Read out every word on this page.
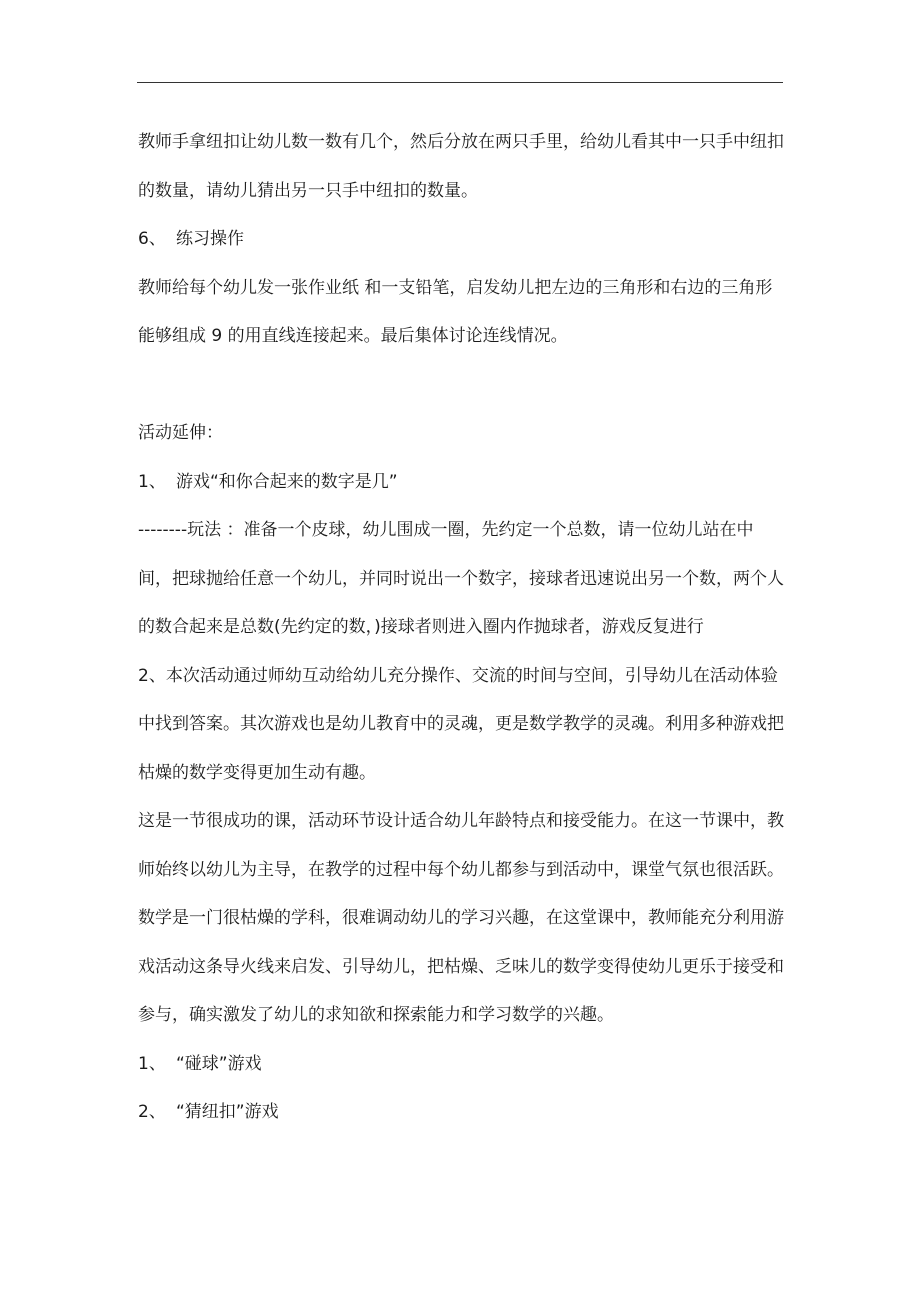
教师手拿纽扣让幼儿数一数有几个，然后分放在两只手里，给幼儿看其中一只手中纽扣的数量，请幼儿猜出另一只手中纽扣的数量。

6、 练习操作

教师给每个幼儿发一张作业纸 和一支铅笔，启发幼儿把左边的三角形和右边的三角形能够组成 9 的用直线连接起来。最后集体讨论连线情况。

活动延伸：

1、 游戏“和你合起来的数字是几”

--------玩法 ：准备一个皮球，幼儿围成一圈，先约定一个总数，请一位幼儿站在中间，把球抛给任意一个幼儿，并同时说出一个数字，接球者迅速说出另一个数，两个人的数合起来是总数(先约定的数，)接球者则进入圈内作抛球者，游戏反复进行

2、本次活动通过师幼互动给幼儿充分操作、交流的时间与空间，引导幼儿在活动体验中找到答案。其次游戏也是幼儿教育中的灵魂，更是数学教学的灵魂。利用多种游戏把枯燥的数学变得更加生动有趣。

这是一节很成功的课，活动环节设计适合幼儿年龄特点和接受能力。在这一节课中，教师始终以幼儿为主导，在教学的过程中每个幼儿都参与到活动中，课堂气氛也很活跃。数学是一门很枯燥的学科，很难调动幼儿的学习兴趣，在这堂课中，教师能充分利用游戏活动这条导火线来启发、引导幼儿，把枯燥、乏味儿的数学变得使幼儿更乐于接受和参与，确实激发了幼儿的求知欲和探索能力和学习数学的兴趣。

1、 “碰球”游戏

2、 “猜纽扣”游戏
